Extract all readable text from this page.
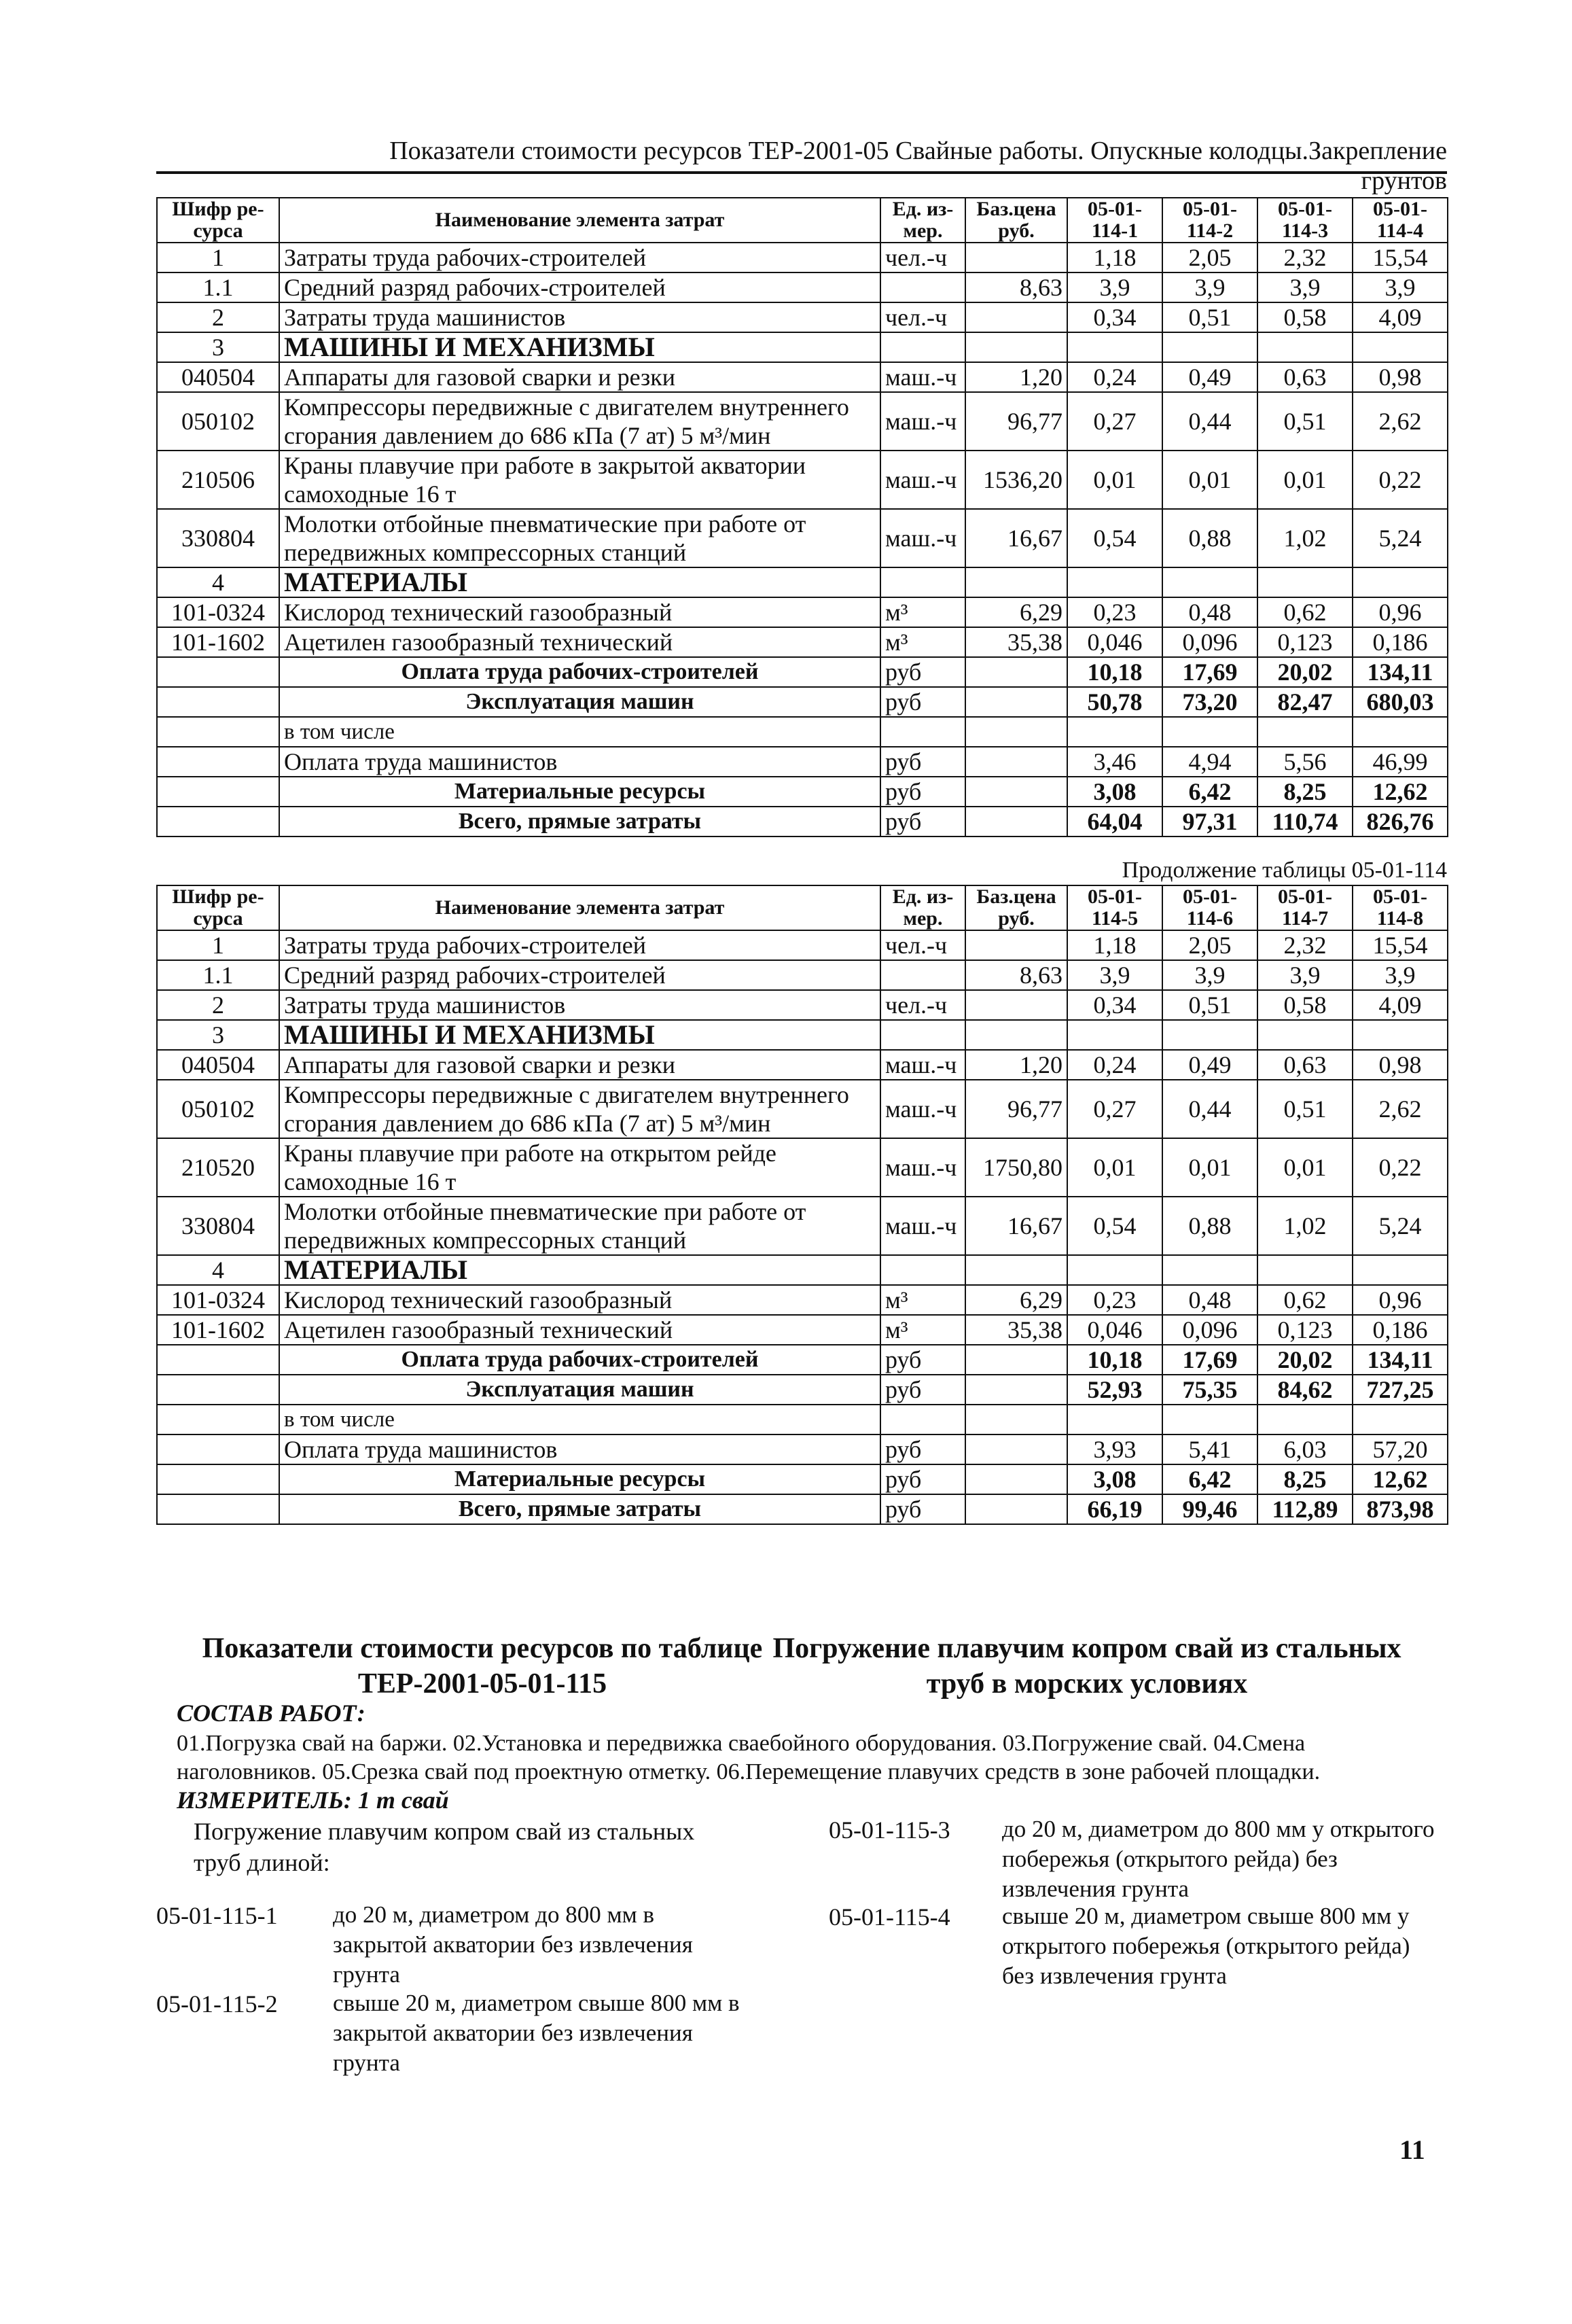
Показатели стоимости ресурсов ТЕР-2001-05 Свайные работы. Опускные колодцы.Закрепление грунтов
Шифр ре-сурса	Наименование элемента затрат	Ед. из-мер.	Баз.цена руб.	05-01-114-1	05-01-114-2	05-01-114-3	05-01-114-4
1	Затраты труда рабочих-строителей	чел.-ч		1,18	2,05	2,32	15,54
1.1	Средний разряд рабочих-строителей		8,63	3,9	3,9	3,9	3,9
2	Затраты труда машинистов	чел.-ч		0,34	0,51	0,58	4,09
3	МАШИНЫ И МЕХАНИЗМЫ						
040504	Аппараты для газовой сварки и резки	маш.-ч	1,20	0,24	0,49	0,63	0,98
050102	Компрессоры передвижные с двигателем внутреннего сгорания давлением до 686 кПа (7 ат) 5 м³/мин	маш.-ч	96,77	0,27	0,44	0,51	2,62
210506	Краны плавучие при работе в закрытой акватории самоходные 16 т	маш.-ч	1536,20	0,01	0,01	0,01	0,22
330804	Молотки отбойные пневматические при работе от передвижных компрессорных станций	маш.-ч	16,67	0,54	0,88	1,02	5,24
4	МАТЕРИАЛЫ						
101-0324	Кислород технический газообразный	м³	6,29	0,23	0,48	0,62	0,96
101-1602	Ацетилен газообразный технический	м³	35,38	0,046	0,096	0,123	0,186
	Оплата труда рабочих-строителей	руб		10,18	17,69	20,02	134,11
	Эксплуатация машин	руб		50,78	73,20	82,47	680,03
	в том числе						
	Оплата труда машинистов	руб		3,46	4,94	5,56	46,99
	Материальные ресурсы	руб		3,08	6,42	8,25	12,62
	Всего, прямые затраты	руб		64,04	97,31	110,74	826,76
Продолжение таблицы 05-01-114
Шифр ре-сурса	Наименование элемента затрат	Ед. из-мер.	Баз.цена руб.	05-01-114-5	05-01-114-6	05-01-114-7	05-01-114-8
1	Затраты труда рабочих-строителей	чел.-ч		1,18	2,05	2,32	15,54
1.1	Средний разряд рабочих-строителей		8,63	3,9	3,9	3,9	3,9
2	Затраты труда машинистов	чел.-ч		0,34	0,51	0,58	4,09
3	МАШИНЫ И МЕХАНИЗМЫ						
040504	Аппараты для газовой сварки и резки	маш.-ч	1,20	0,24	0,49	0,63	0,98
050102	Компрессоры передвижные с двигателем внутреннего сгорания давлением до 686 кПа (7 ат) 5 м³/мин	маш.-ч	96,77	0,27	0,44	0,51	2,62
210520	Краны плавучие при работе на открытом рейде самоходные 16 т	маш.-ч	1750,80	0,01	0,01	0,01	0,22
330804	Молотки отбойные пневматические при работе от передвижных компрессорных станций	маш.-ч	16,67	0,54	0,88	1,02	5,24
4	МАТЕРИАЛЫ						
101-0324	Кислород технический газообразный	м³	6,29	0,23	0,48	0,62	0,96
101-1602	Ацетилен газообразный технический	м³	35,38	0,046	0,096	0,123	0,186
	Оплата труда рабочих-строителей	руб		10,18	17,69	20,02	134,11
	Эксплуатация машин	руб		52,93	75,35	84,62	727,25
	в том числе						
	Оплата труда машинистов	руб		3,93	5,41	6,03	57,20
	Материальные ресурсы	руб		3,08	6,42	8,25	12,62
	Всего, прямые затраты	руб		66,19	99,46	112,89	873,98
Показатели стоимости ресурсов по таблице ТЕР-2001-05-01-115
Погружение плавучим копром свай из стальных труб в морских условиях
СОСТАВ РАБОТ:
01.Погрузка свай на баржи. 02.Установка и передвижка сваебойного оборудования. 03.Погружение свай. 04.Смена наголовников. 05.Срезка свай под проектную отметку. 06.Перемещение плавучих средств в зоне рабочей площадки.
ИЗМЕРИТЕЛЬ: 1 т свай
Погружение плавучим копром свай из стальных труб длиной:
05-01-115-1 до 20 м, диаметром до 800 мм в закрытой акватории без извлечения грунта
05-01-115-2 свыше 20 м, диаметром свыше 800 мм в закрытой акватории без извлечения грунта
05-01-115-3 до 20 м, диаметром до 800 мм у открытого побережья (открытого рейда) без извлечения грунта
05-01-115-4 свыше 20 м, диаметром свыше 800 мм у открытого побережья (открытого рейда) без извлечения грунта
11
